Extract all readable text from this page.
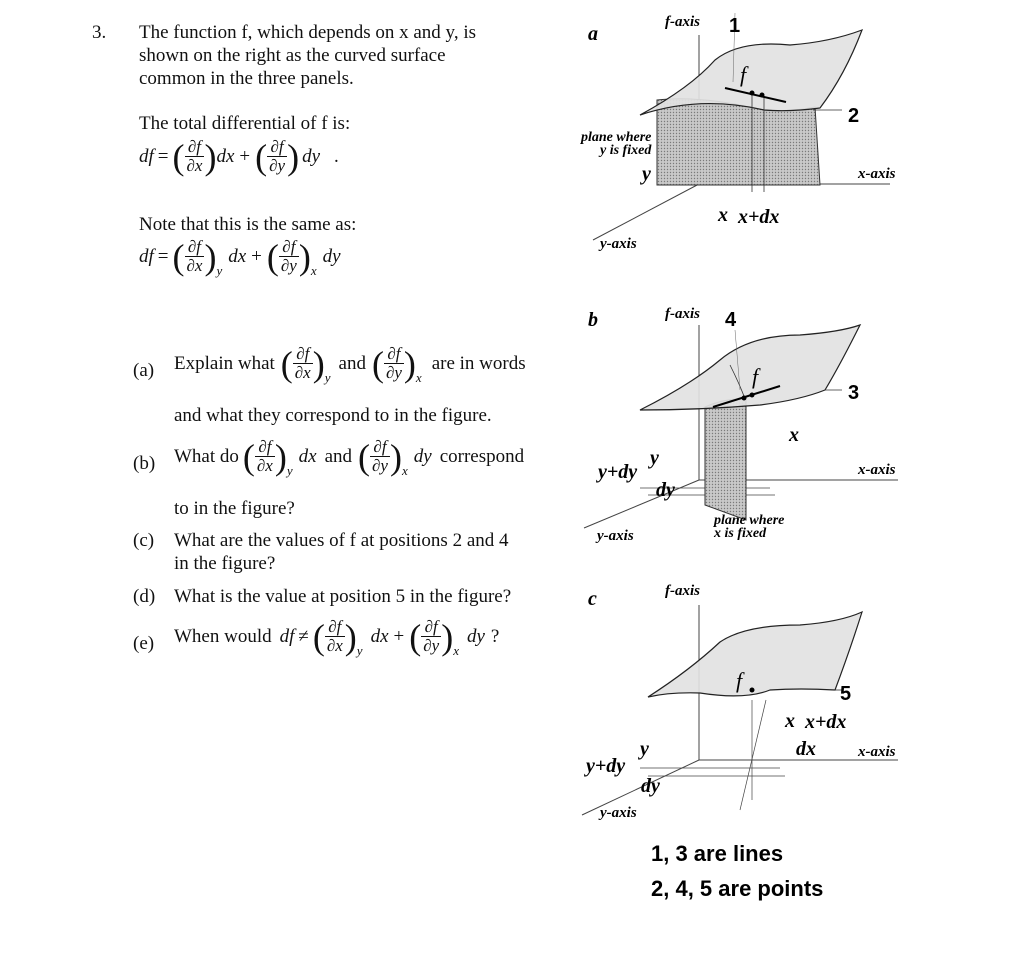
3. The function f, which depends on x and y, is
shown on the right as the curved surface
common in the three panels.
The total differential of f is:
df = ( $\frac{\partial f}{\partial x}$ ) dx + ( $\frac{\partial f}{\partial y}$ ) dy .
Note that this is the same as:
df = ( $\frac{\partial f}{\partial x}$ ) y
dx + ( $\frac{\partial f}{\partial y}$ ) x
dy
(a) Explain what ( $\frac{\partial f}{\partial x}$ ) y
and ( $\frac{\partial f}{\partial y}$ ) x
are in words
and what they correspond to in the figure.
(b) What do ( $\frac{\partial f}{\partial x}$ ) y
dx and ( $\frac{\partial f}{\partial y}$ ) x
dy correspond
to in the figure?
(c) What are the values of f at positions 2 and 4
in the figure?
(d) What is the value at position 5 in the figure?
(e) When would df ≠ ( $\frac{\partial f}{\partial x}$ ) y
dx + ( $\frac{\partial f}{\partial y}$ ) x
dy ?
a
f-axis 1
f
2
plane where
y is fixed
y	x-axis
x x+dx
y-axis
b	f-axis 4
f
3
x
y
y+dy
dy
x-axis
plane where
x is fixed
y-axis
c	f-axis
f
5
x x+dx
dx	x-axis
y
y+dy
dy
y-axis
1, 3 are lines
2, 4, 5 are points
